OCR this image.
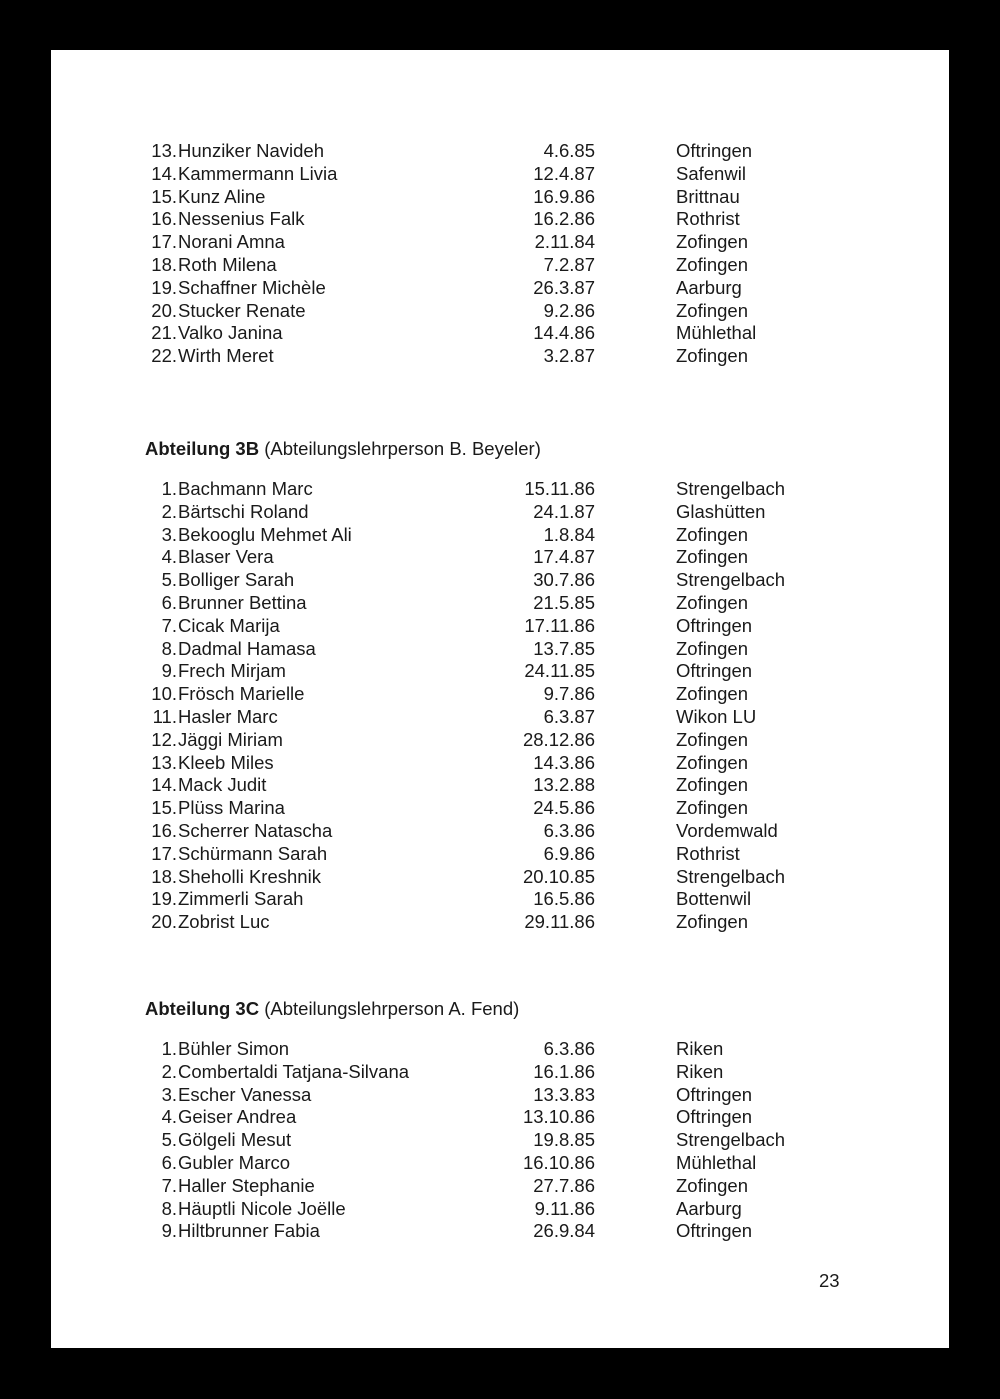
13. Hunziker Navideh	4.6.85	Oftringen
14. Kammermann Livia	12.4.87	Safenwil
15. Kunz Aline	16.9.86	Brittnau
16. Nessenius Falk	16.2.86	Rothrist
17. Norani Amna	2.11.84	Zofingen
18. Roth Milena	7.2.87	Zofingen
19. Schaffner Michèle	26.3.87	Aarburg
20. Stucker Renate	9.2.86	Zofingen
21. Valko Janina	14.4.86	Mühlethal
22. Wirth Meret	3.2.87	Zofingen
Abteilung 3B (Abteilungslehrperson B. Beyeler)
1. Bachmann Marc	15.11.86	Strengelbach
2. Bärtschi Roland	24.1.87	Glashütten
3. Bekooglu Mehmet Ali	1.8.84	Zofingen
4. Blaser Vera	17.4.87	Zofingen
5. Bolliger Sarah	30.7.86	Strengelbach
6. Brunner Bettina	21.5.85	Zofingen
7. Cicak Marija	17.11.86	Oftringen
8. Dadmal Hamasa	13.7.85	Zofingen
9. Frech Mirjam	24.11.85	Oftringen
10. Frösch Marielle	9.7.86	Zofingen
11. Hasler Marc	6.3.87	Wikon LU
12. Jäggi Miriam	28.12.86	Zofingen
13. Kleeb Miles	14.3.86	Zofingen
14. Mack Judit	13.2.88	Zofingen
15. Plüss Marina	24.5.86	Zofingen
16. Scherrer Natascha	6.3.86	Vordemwald
17. Schürmann Sarah	6.9.86	Rothrist
18. Sheholli Kreshnik	20.10.85	Strengelbach
19. Zimmerli Sarah	16.5.86	Bottenwil
20. Zobrist Luc	29.11.86	Zofingen
Abteilung 3C (Abteilungslehrperson A. Fend)
1. Bühler Simon	6.3.86	Riken
2. Combertaldi Tatjana-Silvana	16.1.86	Riken
3. Escher Vanessa	13.3.83	Oftringen
4. Geiser Andrea	13.10.86	Oftringen
5. Gölgeli Mesut	19.8.85	Strengelbach
6. Gubler Marco	16.10.86	Mühlethal
7. Haller Stephanie	27.7.86	Zofingen
8. Häuptli Nicole Joëlle	9.11.86	Aarburg
9. Hiltbrunner Fabia	26.9.84	Oftringen
23
